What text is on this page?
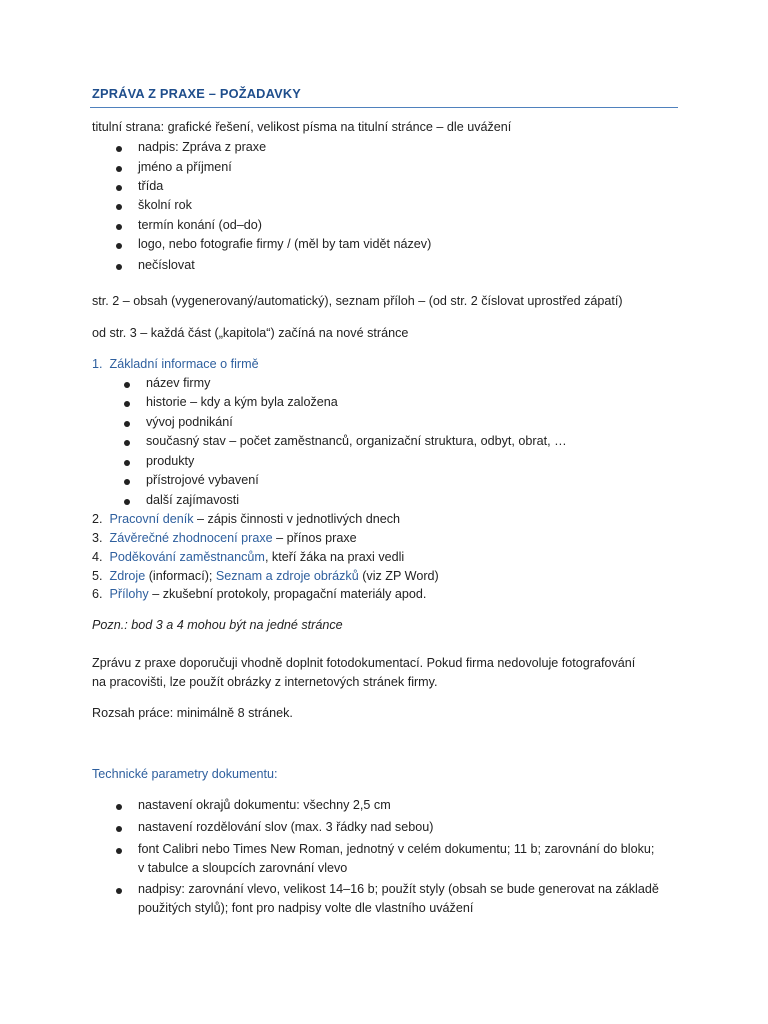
ZPRÁVA Z PRAXE – POŽADAVKY
titulní strana: grafické řešení, velikost písma na titulní stránce – dle uvážení
nadpis: Zpráva z praxe
jméno a příjmení
třída
školní rok
termín konání (od–do)
logo, nebo fotografie firmy / (měl by tam vidět název)
nečíslovat
str. 2 – obsah (vygenerovaný/automatický), seznam příloh – (od str. 2 číslovat uprostřed zápatí)
od str. 3 – každá část („kapitola“) začíná na nové stránce
1. Základní informace o firmě
název firmy
historie – kdy a kým byla založena
vývoj podnikání
současný stav – počet zaměstnanců, organizační struktura, odbyt, obrat, …
produkty
přístrojové vybavení
další zajímavosti
2. Pracovní deník – zápis činnosti v jednotlivých dnech
3. Závěrečné zhodnocení praxe – přínos praxe
4. Poděkování zaměstnancům, kteří žáka na praxi vedli
5. Zdroje (informací); Seznam a zdroje obrázků (viz ZP Word)
6. Přílohy – zkušební protokoly, propagační materiály apod.
Pozn.: bod 3 a 4 mohou být na jedné stránce
Zprávu z praxe doporučuji vhodně doplnit fotodokumentací. Pokud firma nedovoluje fotografování
na pracovišti, lze použít obrázky z internetových stránek firmy.
Rozsah práce: minimálně 8 stránek.
Technické parametry dokumentu:
nastavení okrajů dokumentu: všechny 2,5 cm
nastavení rozdělování slov (max. 3 řádky nad sebou)
font Calibri nebo Times New Roman, jednotný v celém dokumentu; 11 b; zarovnání do bloku;
v tabulce a sloupcích zarovnání vlevo
nadpisy: zarovnání vlevo, velikost 14–16 b; použít styly (obsah se bude generovat na základě
použitých stylů); font pro nadpisy volte dle vlastního uvážení
